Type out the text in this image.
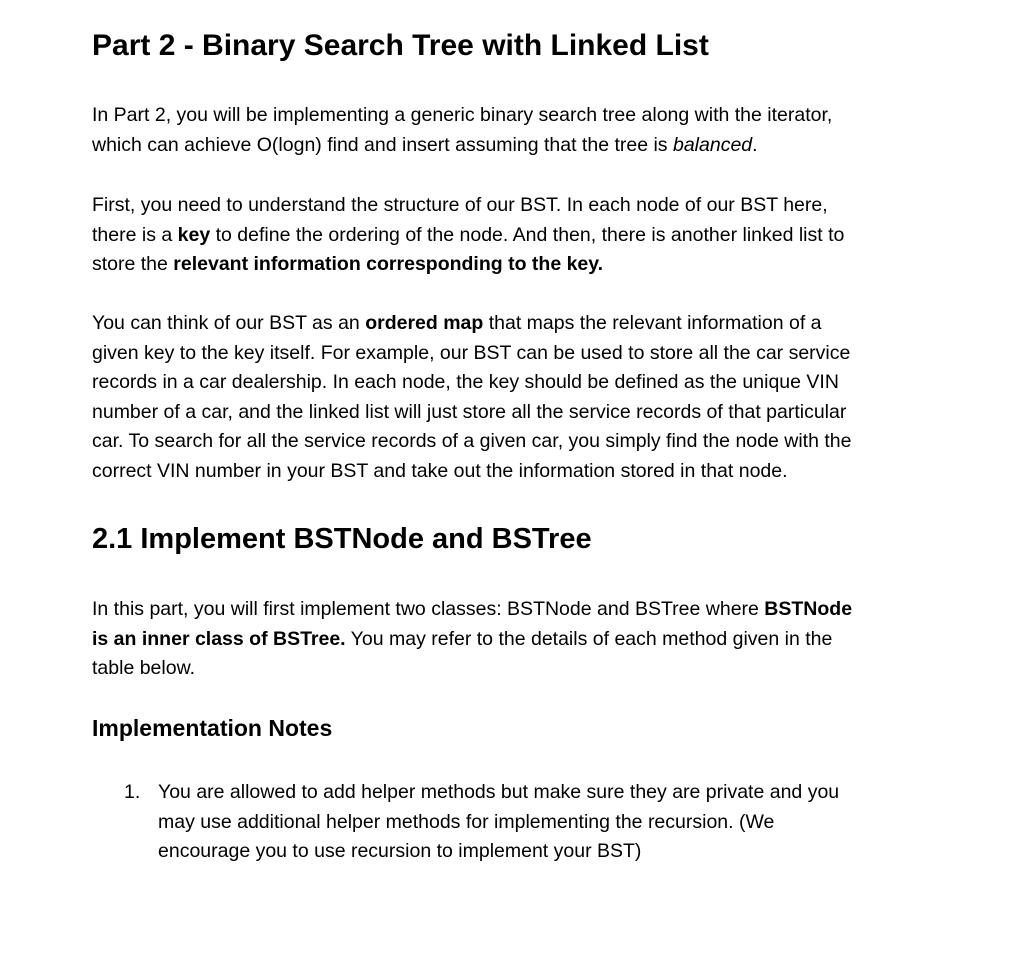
Part 2 - Binary Search Tree with Linked List

In Part 2, you will be implementing a generic binary search tree along with the iterator,
which can achieve O(logn) find and insert assuming that the tree is balanced.

First, you need to understand the structure of our BST. In each node of our BST here,
there is a key to define the ordering of the node. And then, there is another linked list to
store the relevant information corresponding to the key.

You can think of our BST as an ordered map that maps the relevant information of a
given key to the key itself. For example, our BST can be used to store all the car service
records in a car dealership. In each node, the key should be defined as the unique VIN
number of a car, and the linked list will just store all the service records of that particular
car. To search for all the service records of a given car, you simply find the node with the
correct VIN number in your BST and take out the information stored in that node.

2.1 Implement BSTNode and BSTree

In this part, you will first implement two classes: BSTNode and BSTree where BSTNode
is an inner class of BSTree. You may refer to the details of each method given in the
table below.

Implementation Notes
1. You are allowed to add helper methods but make sure they are private and you
may use additional helper methods for implementing the recursion. (We
encourage you to use recursion to implement your BST)
